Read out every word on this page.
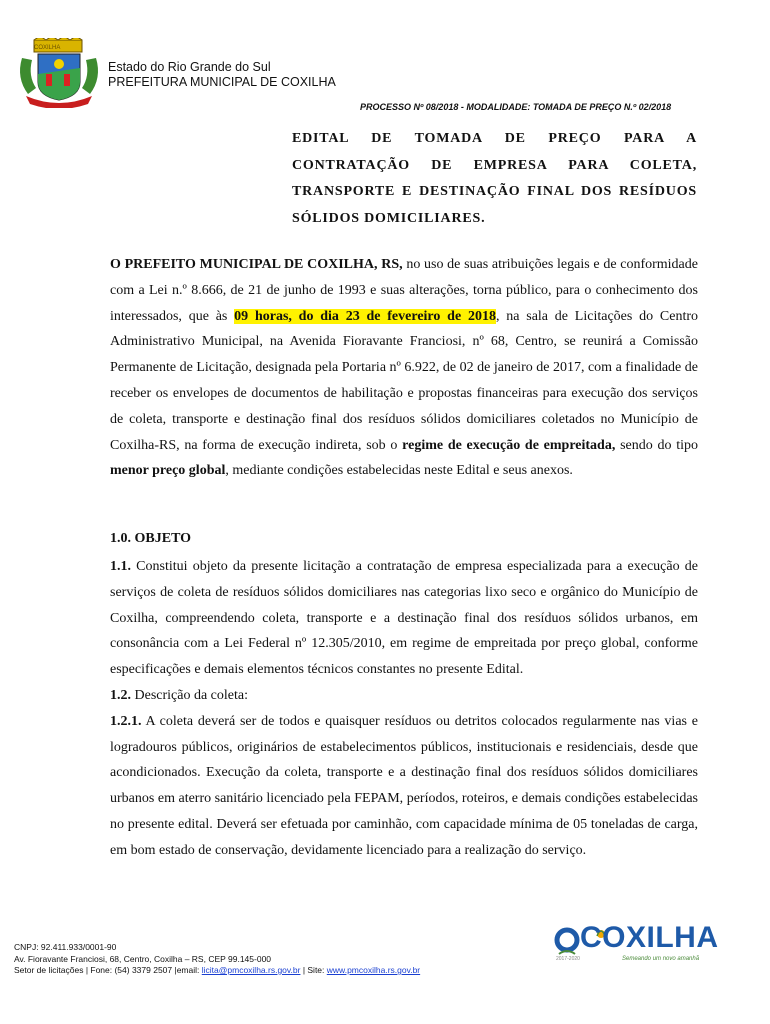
COXILHA
Estado do Rio Grande do Sul
PREFEITURA MUNICIPAL DE COXILHA
PROCESSO Nº 08/2018 - MODALIDADE: TOMADA DE PREÇO N.º 02/2018
EDITAL DE TOMADA DE PREÇO PARA A CONTRATAÇÃO DE EMPRESA PARA COLETA, TRANSPORTE E DESTINAÇÃO FINAL DOS RESÍDUOS SÓLIDOS DOMICILIARES.
O PREFEITO MUNICIPAL DE COXILHA, RS, no uso de suas atribuições legais e de conformidade com a Lei n.º 8.666, de 21 de junho de 1993 e suas alterações, torna público, para o conhecimento dos interessados, que às 09 horas, do dia 23 de fevereiro de 2018, na sala de Licitações do Centro Administrativo Municipal, na Avenida Fioravante Franciosi, nº 68, Centro, se reunirá a Comissão Permanente de Licitação, designada pela Portaria nº 6.922, de 02 de janeiro de 2017, com a finalidade de receber os envelopes de documentos de habilitação e propostas financeiras para execução dos serviços de coleta, transporte e destinação final dos resíduos sólidos domiciliares coletados no Município de Coxilha-RS, na forma de execução indireta, sob o regime de execução de empreitada, sendo do tipo menor preço global, mediante condições estabelecidas neste Edital e seus anexos.
1.0. OBJETO
1.1. Constitui objeto da presente licitação a contratação de empresa especializada para a execução de serviços de coleta de resíduos sólidos domiciliares nas categorias lixo seco e orgânico do Município de Coxilha, compreendendo coleta, transporte e a destinação final dos resíduos sólidos urbanos, em consonância com a Lei Federal nº 12.305/2010, em regime de empreitada por preço global, conforme especificações e demais elementos técnicos constantes no presente Edital.
1.2. Descrição da coleta:
1.2.1. A coleta deverá ser de todos e quaisquer resíduos ou detritos colocados regularmente nas vias e logradouros públicos, originários de estabelecimentos públicos, institucionais e residenciais, desde que acondicionados. Execução da coleta, transporte e a destinação final dos resíduos sólidos domiciliares urbanos em aterro sanitário licenciado pela FEPAM, períodos, roteiros, e demais condições estabelecidas no presente edital. Deverá ser efetuada por caminhão, com capacidade mínima de 05 toneladas de carga, em bom estado de conservação, devidamente licenciado para a realização do serviço.
CNPJ: 92.411.933/0001-90
Av. Fioravante Franciosi, 68, Centro, Coxilha – RS, CEP 99.145-000
Setor de licitações | Fone: (54) 3379 2507 |email: licita@pmcoxilha.rs.gov.br | Site: www.pmcoxilha.rs.gov.br
COXILHA
Semeando um novo amanhã
2017-2020
